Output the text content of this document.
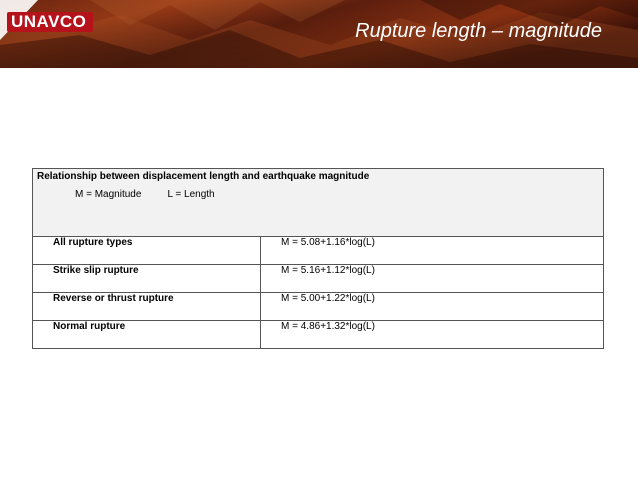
UNAVCO	Rupture length – magnitude
Relationship between displacement length and earthquake magnitude
M = Magnitude L = Length	

All rupture types	M = 5.08+1.16*log(L)
Strike slip rupture	M = 5.16+1.12*log(L)
Reverse or thrust rupture	M = 5.00+1.22*log(L)
Normal rupture	M = 4.86+1.32*log(L)
